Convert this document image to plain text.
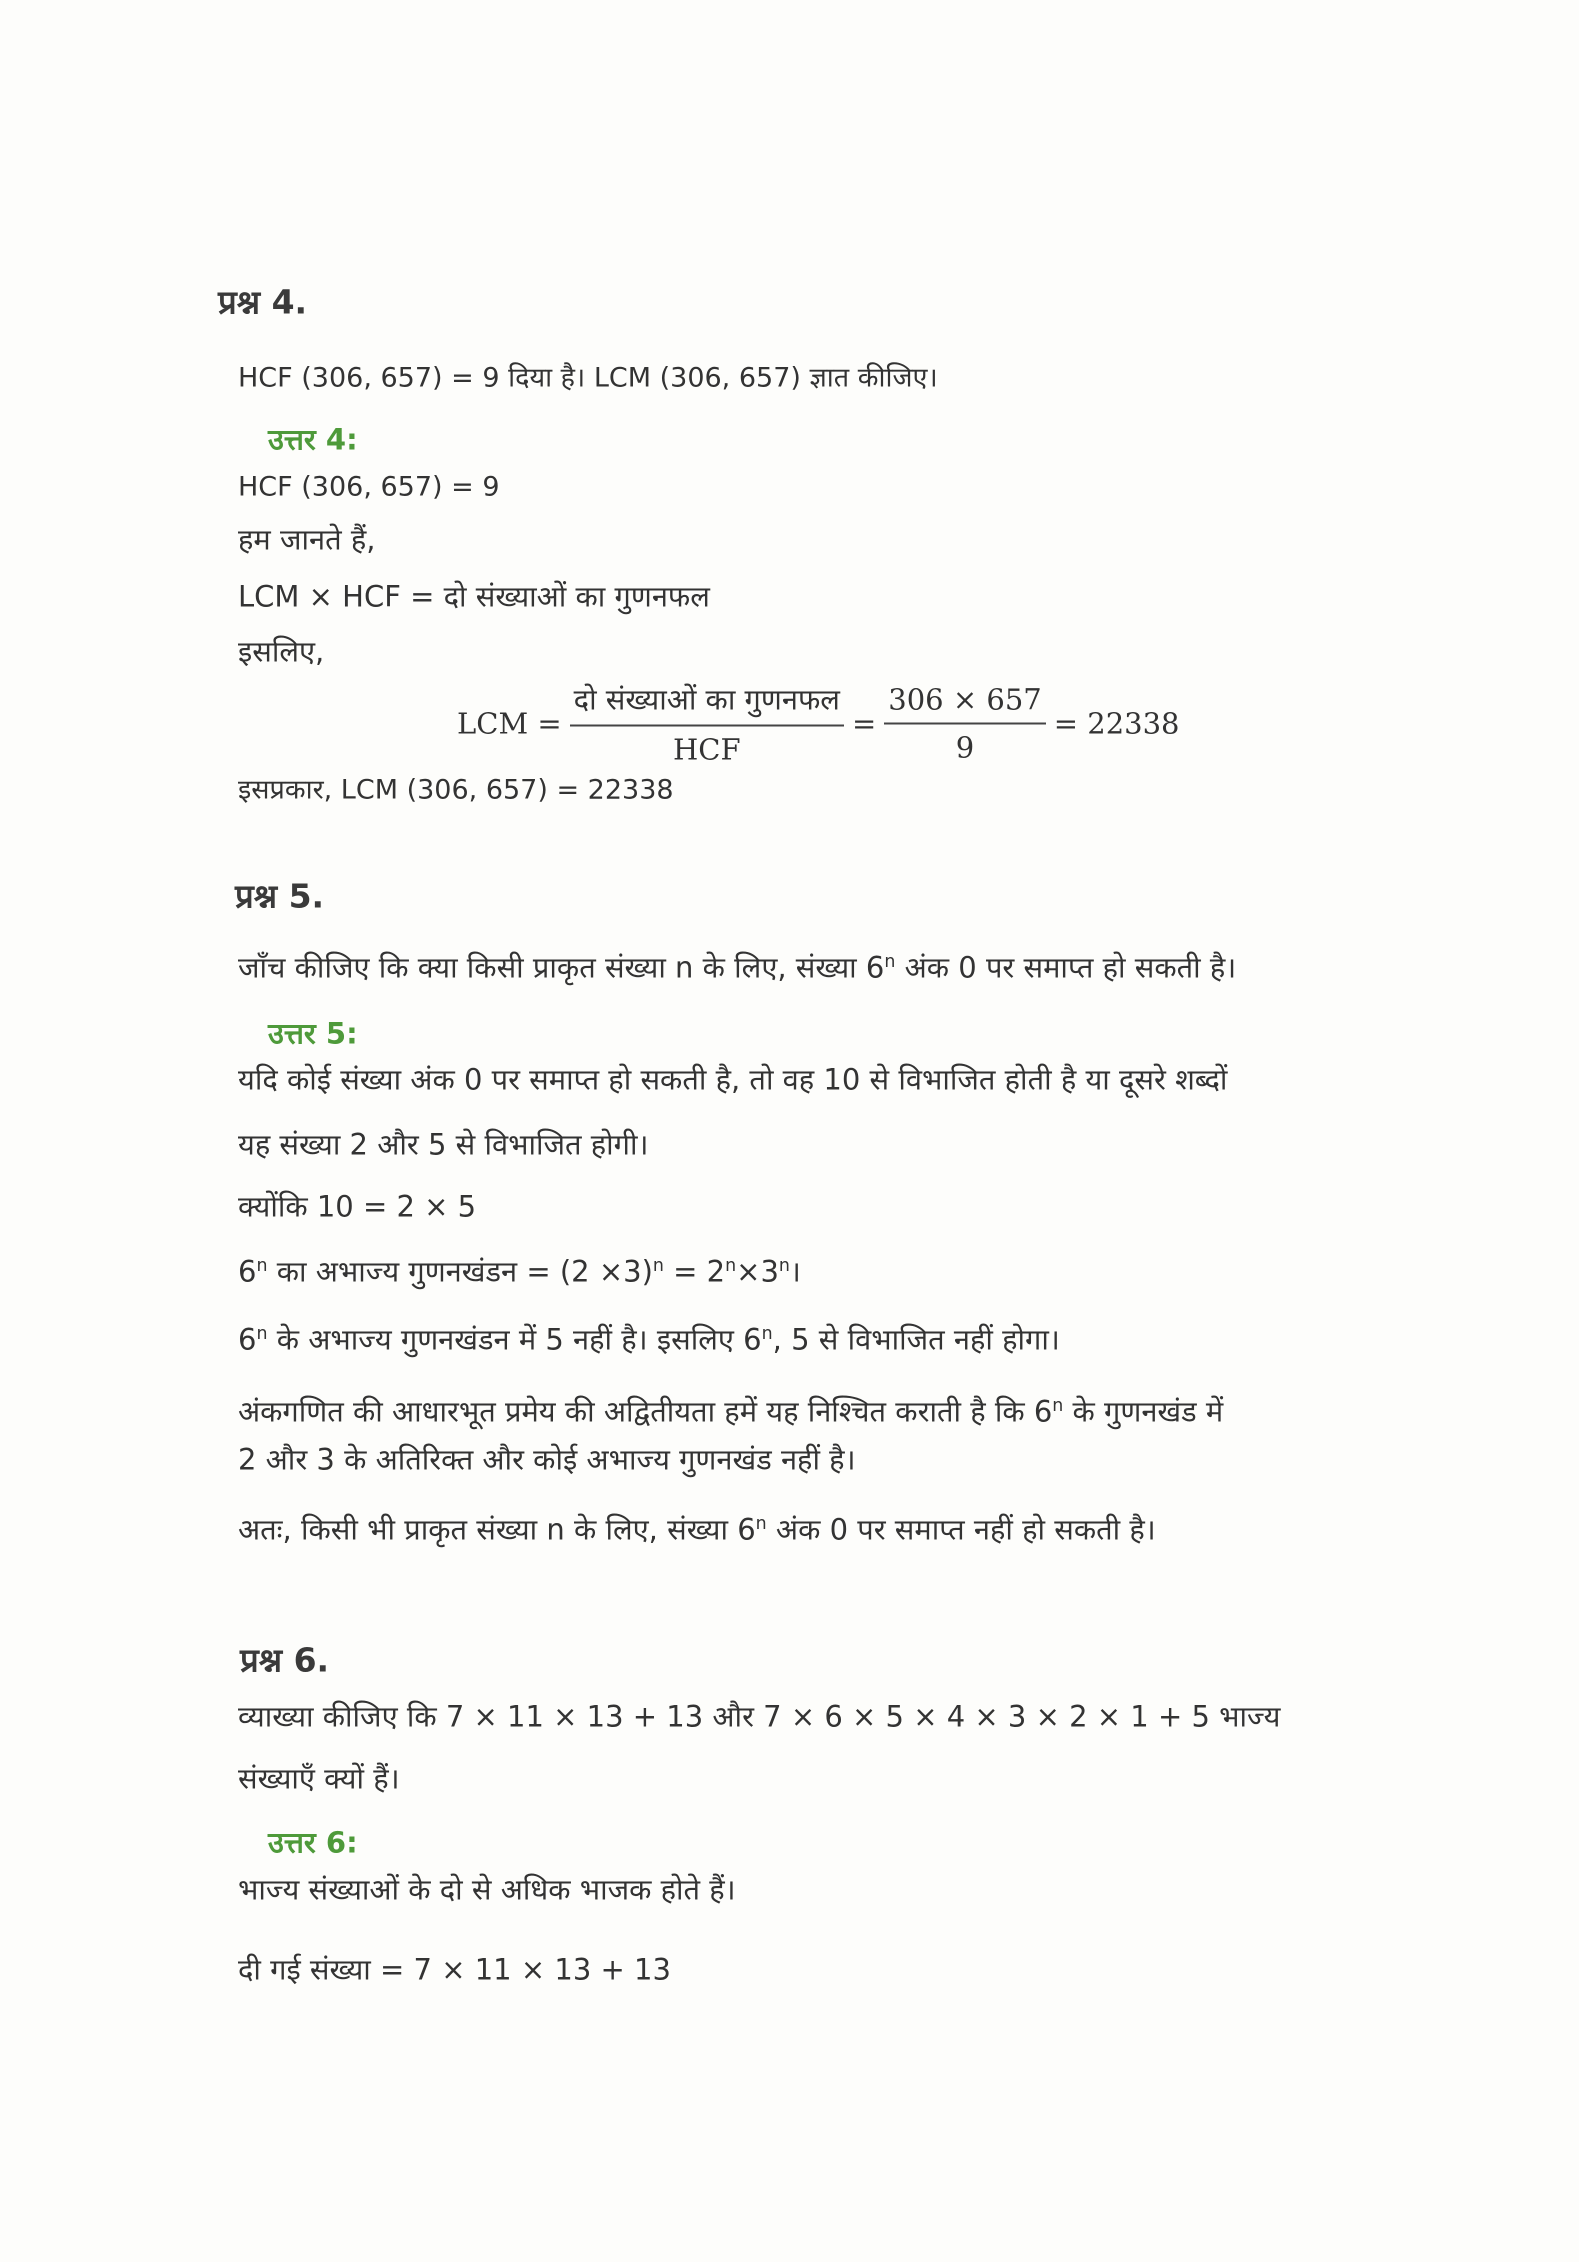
प्रश्न 4.
HCF (306, 657) = 9 दिया है। LCM (306, 657) ज्ञात कीजिए।
उत्तर 4:
HCF (306, 657) = 9
हम जानते हैं,
LCM × HCF = दो संख्याओं का गुणनफल
इसलिए,
LCM = $\frac{\text{दो संख्याओं का गुणनफल}}{\text{HCF}} = \frac{306 \times 657}{9} = 22338$
इसप्रकार, LCM (306, 657) = 22338
प्रश्न 5.
जाँच कीजिए कि क्या किसी प्राकृत संख्या n के लिए, संख्या 6$^n$ अंक 0 पर समाप्त हो सकती है।
उत्तर 5:
यदि कोई संख्या अंक 0 पर समाप्त हो सकती है, तो वह 10 से विभाजित होती है या दूसरे शब्दों
यह संख्या 2 और 5 से विभाजित होगी।
क्योंकि 10 = 2 × 5
6$^n$ का अभाज्य गुणनखंडन = $(2 \times 3)^n$ = $2^n\times 3^n।$
6$^n$ के अभाज्य गुणनखंडन में 5 नहीं है। इसलिए 6$^n$, 5 से विभाजित नहीं होगा।
अंकगणित की आधारभूत प्रमेय की अद्वितीयता हमें यह निश्चित कराती है कि 6$^n$ के गुणनखंड में
2 और 3 के अतिरिक्त और कोई अभाज्य गुणनखंड नहीं है।
अतः, किसी भी प्राकृत संख्या n के लिए, संख्या 6$^n$ अंक 0 पर समाप्त नहीं हो सकती है।
प्रश्न 6.
व्याख्या कीजिए कि 7 × 11 × 13 + 13 और 7 × 6 × 5 × 4 × 3 × 2 × 1 + 5 भाज्य
संख्याएँ क्यों हैं।
उत्तर 6:
भाज्य संख्याओं के दो से अधिक भाजक होते हैं।
दी गई संख्या = 7 × 11 × 13 + 13
